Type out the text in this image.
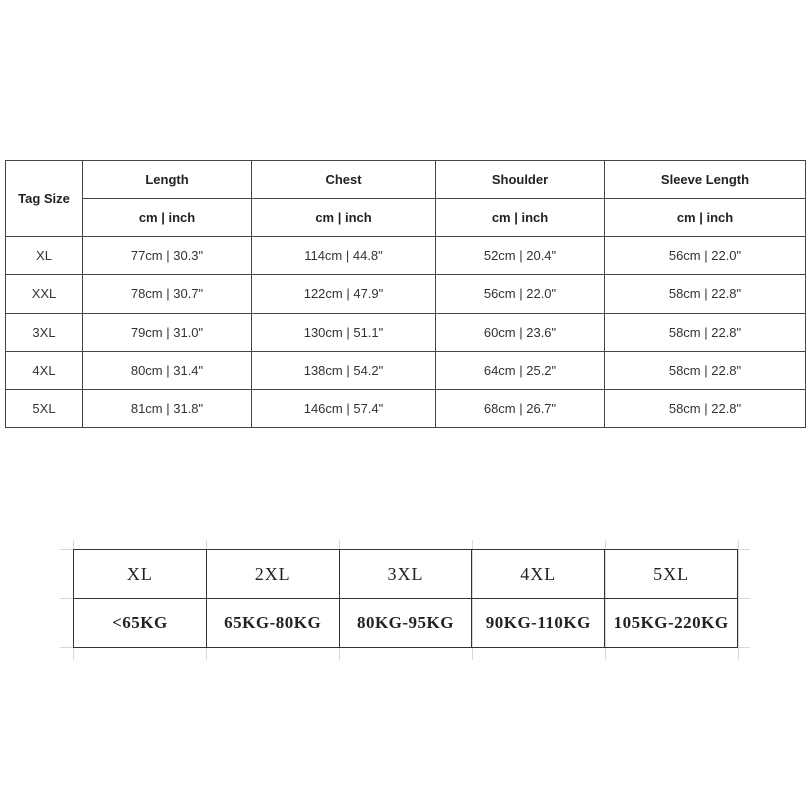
Tag Size	Length	Chest	Shoulder	Sleeve Length
	cm | inch	cm | inch	cm | inch	cm | inch
XL	77cm | 30.3"	114cm | 44.8"	52cm | 20.4"	56cm | 22.0"
XXL	78cm | 30.7"	122cm | 47.9"	56cm | 22.0"	58cm | 22.8"
3XL	79cm | 31.0"	130cm | 51.1"	60cm | 23.6"	58cm | 22.8"
4XL	80cm | 31.4"	138cm | 54.2"	64cm | 25.2"	58cm | 22.8"
5XL	81cm | 31.8"	146cm | 57.4"	68cm | 26.7"	58cm | 22.8"
XL	2XL	3XL	4XL	5XL
<65KG	65KG-80KG	80KG-95KG	90KG-110KG	105KG-220KG
